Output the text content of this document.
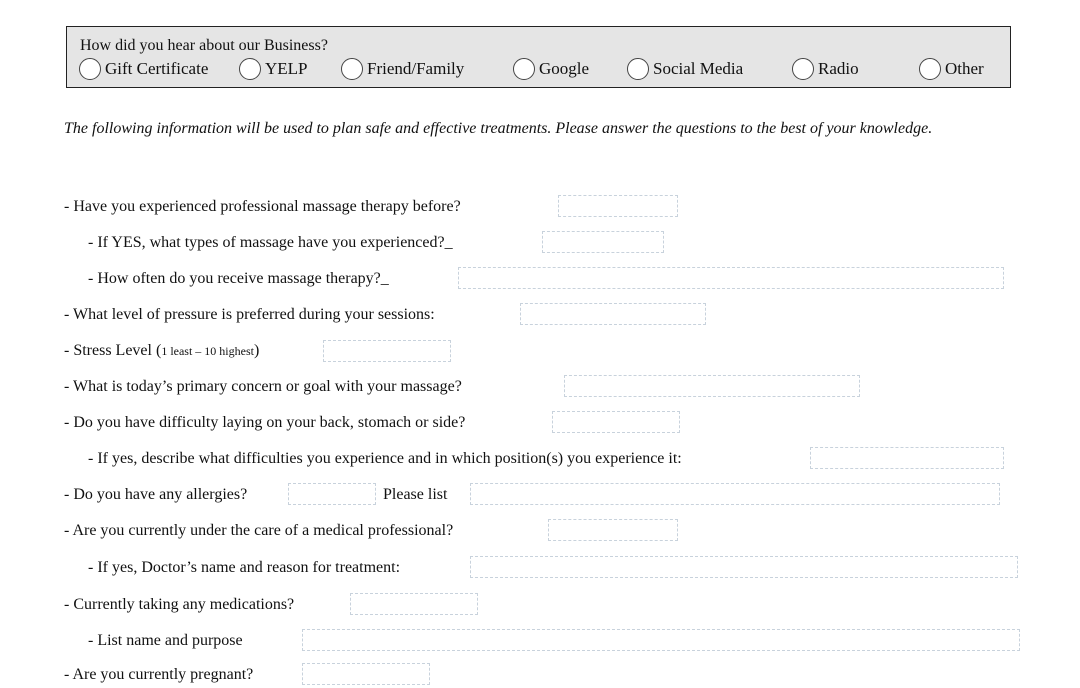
How did you hear about our Business?
Gift Certificate	YELP	Friend/Family	Google	Social Media	Radio	Other
The following information will be used to plan safe and effective treatments. Please answer the questions to the best of your knowledge.
- Have you experienced professional massage therapy before?
- If YES, what types of massage have you experienced?_
- How often do you receive massage therapy?_
- What level of pressure is preferred during your sessions:
- Stress Level ( 1 least – 10 highest )
- What is today’s primary concern or goal with your massage?
- Do you have difficulty laying on your back, stomach or side?
- If yes, describe what difficulties you experience and in which position(s) you experience it:
- Do you have any allergies?	Please list
- Are you currently under the care of a medical professional?
- If yes, Doctor’s name and reason for treatment:
- Currently taking any medications?
- List name and purpose
- Are you currently pregnant?
